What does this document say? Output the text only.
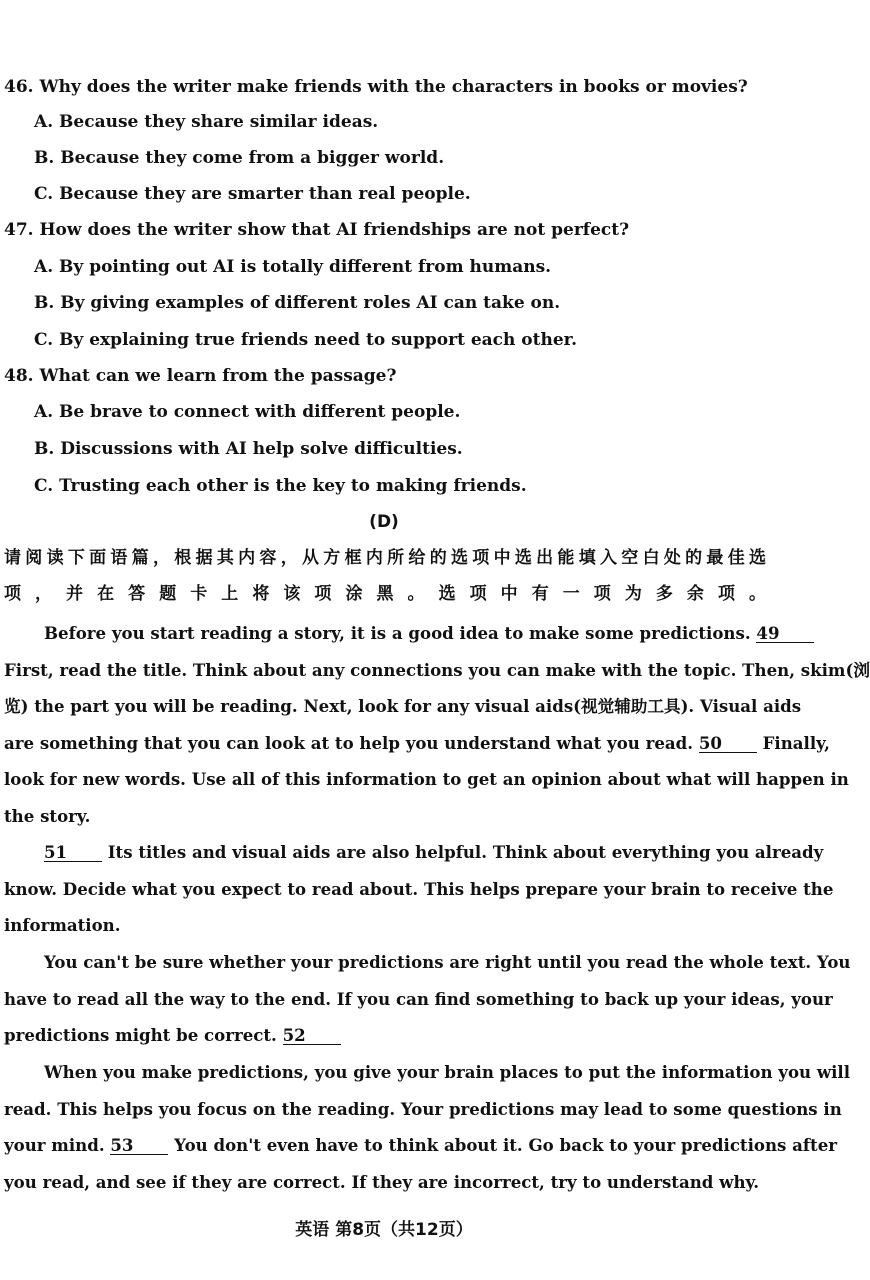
46. Why does the writer make friends with the characters in books or movies?
A. Because they share similar ideas.
B. Because they come from a bigger world.
C. Because they are smarter than real people.
47. How does the writer show that AI friendships are not perfect?
A. By pointing out AI is totally different from humans.
B. By giving examples of different roles AI can take on.
C. By explaining true friends need to support each other.
48. What can we learn from the passage?
A. Be brave to connect with different people.
B. Discussions with AI help solve difficulties.
C. Trusting each other is the key to making friends.
(D)
请阅读下面语篇，根据其内容，从方框内所给的选项中选出能填入空白处的最佳选
项，并在答题卡上将该项涂黑。选项中有一项为多余项。
Before you start reading a story, it is a good idea to make some predictions. 49
First, read the title. Think about any connections you can make with the topic. Then, skim(浏
览) the part you will be reading. Next, look for any visual aids(视觉辅助工具). Visual aids
are something that you can look at to help you understand what you read. 50 Finally,
look for new words. Use all of this information to get an opinion about what will happen in
the story.
51 Its titles and visual aids are also helpful. Think about everything you already
know. Decide what you expect to read about. This helps prepare your brain to receive the
information.
You can't be sure whether your predictions are right until you read the whole text. You
have to read all the way to the end. If you can find something to back up your ideas, your
predictions might be correct. 52
When you make predictions, you give your brain places to put the information you will
read. This helps you focus on the reading. Your predictions may lead to some questions in
your mind. 53 You don't even have to think about it. Go back to your predictions after
you read, and see if they are correct. If they are incorrect, try to understand why.
英语 第8页（共12页）
